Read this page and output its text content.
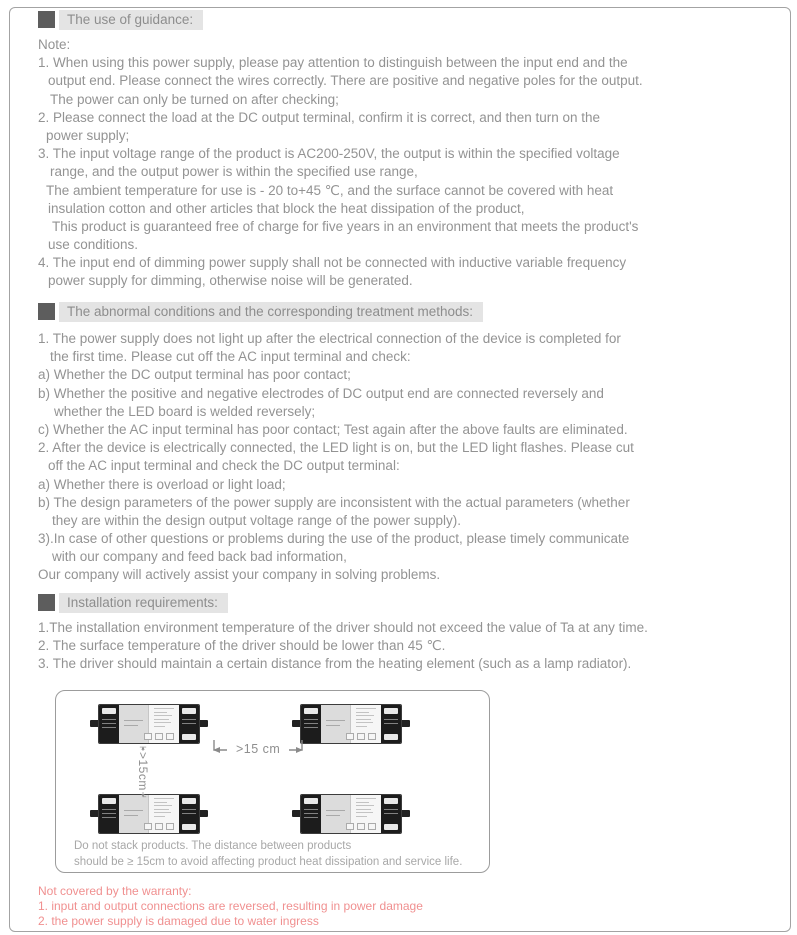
The use of guidance:
Note:
1. When using this power supply, please pay attention to distinguish between the input end and the
output end. Please connect the wires correctly. There are positive and negative poles for the output.
The power can only be turned on after checking;
2. Please connect the load at the DC output terminal, confirm it is correct, and then turn on the
power supply;
3. The input voltage range of the product is AC200-250V, the output is within the specified voltage
range, and the output power is within the specified use range,
The ambient temperature for use is - 20 to+45 ℃, and the surface cannot be covered with heat
insulation cotton and other articles that block the heat dissipation of the product,
This product is guaranteed free of charge for five years in an environment that meets the product's
use conditions.
4. The input end of dimming power supply shall not be connected with inductive variable frequency
power supply for dimming, otherwise noise will be generated.
The abnormal conditions and the corresponding treatment methods:
1. The power supply does not light up after the electrical connection of the device is completed for
the first time. Please cut off the AC input terminal and check:
a) Whether the DC output terminal has poor contact;
b) Whether the positive and negative electrodes of DC output end are connected reversely and
whether the LED board is welded reversely;
c) Whether the AC input terminal has poor contact; Test again after the above faults are eliminated.
2. After the device is electrically connected, the LED light is on, but the LED light flashes. Please cut
off the AC input terminal and check the DC output terminal:
a) Whether there is overload or light load;
b) The design parameters of the power supply are inconsistent with the actual parameters (whether
they are within the design output voltage range of the power supply).
3).In case of other questions or problems during the use of the product, please timely communicate
with our company and feed back bad information,
Our company will actively assist your company in solving problems.
Installation requirements:
1.The installation environment temperature of the driver should not exceed the value of Ta at any time.
2. The surface temperature of the driver should be lower than 45 ℃.
3. The driver should maintain a certain distance from the heating element (such as a lamp radiator).
>15 cm
>15cm
Do not stack products. The distance between products
should be ≥ 15cm to avoid affecting product heat dissipation and service life.
Not covered by the warranty:
1. input and output connections are reversed, resulting in power damage
2. the power supply is damaged due to water ingress
